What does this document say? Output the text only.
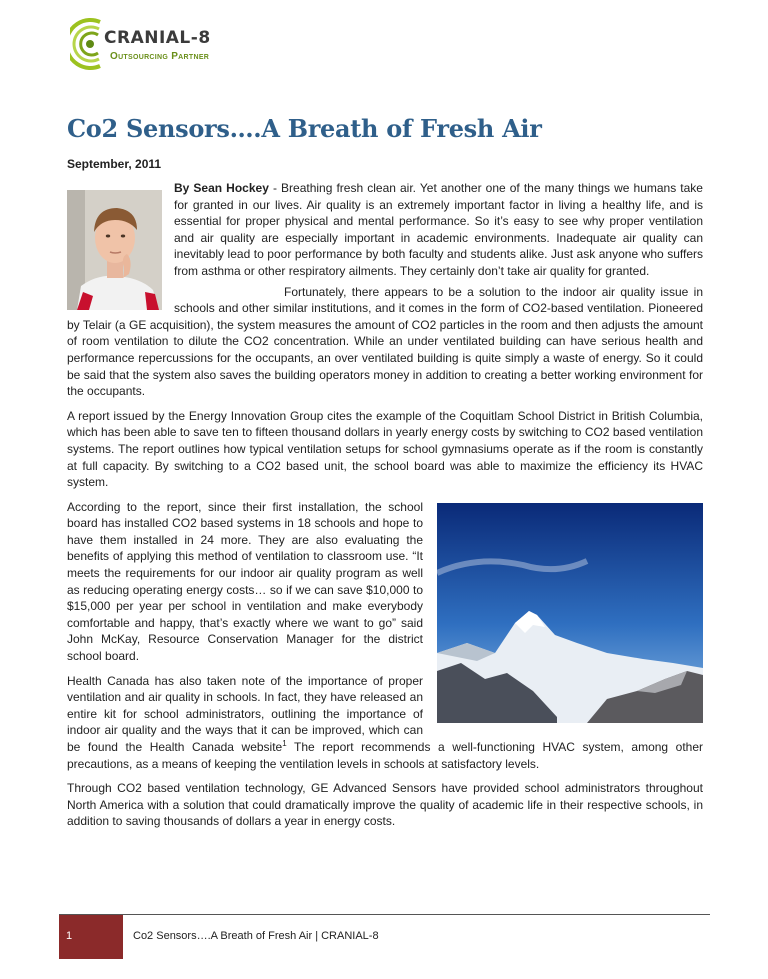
CRANIAL-8
Outsourcing Partner
Co2 Sensors….A Breath of Fresh Air
September, 2011

By Sean Hockey - Breathing fresh clean air. Yet another one of the many things we humans take for granted in our lives. Air quality is an extremely important factor in living a healthy life, and is essential for proper physical and mental performance. So it’s easy to see why proper ventilation and air quality are especially important in academic environments. Inadequate air quality can inevitably lead to poor performance by both faculty and students alike. Just ask anyone who suffers from asthma or other respiratory ailments. They certainly don’t take air quality for granted.

Fortunately, there appears to be a solution to the indoor air quality issue in schools and other similar institutions, and it comes in the form of CO2-based ventilation. Pioneered by Telair (a GE acquisition), the system measures the amount of CO2 particles in the room and then adjusts the amount of room ventilation to dilute the CO2 concentration. While an under ventilated building can have serious health and performance repercussions for the occupants, an over ventilated building is quite simply a waste of energy. So it could be said that the system also saves the building operators money in addition to creating a better working environment for the occupants.

A report issued by the Energy Innovation Group cites the example of the Coquitlam School District in British Columbia, which has been able to save ten to fifteen thousand dollars in yearly energy costs by switching to CO2 based ventilation systems. The report outlines how typical ventilation setups for school gymnasiums operate as if the room is constantly at full capacity. By switching to a CO2 based unit, the school board was able to maximize the efficiency its HVAC system.

According to the report, since their first installation, the school board has installed CO2 based systems in 18 schools and hope to have them installed in 24 more. They are also evaluating the benefits of applying this method of ventilation to classroom use. “It meets the requirements for our indoor air quality program as well as reducing operating energy costs… so if we can save $10,000 to $15,000 per year per school in ventilation and make everybody comfortable and happy, that’s exactly where we want to go” said John McKay, Resource Conservation Manager for the district school board.

Health Canada has also taken note of the importance of proper ventilation and air quality in schools. In fact, they have released an entire kit for school administrators, outlining the importance of indoor air quality and the ways that it can be improved, which can be found the Health Canada website$^1$ The report recommends a well-functioning HVAC system, among other precautions, as a means of keeping the ventilation levels in schools at satisfactory levels.

Through CO2 based ventilation technology, GE Advanced Sensors have provided school administrators throughout North America with a solution that could dramatically improve the quality of academic life in their respective schools, in addition to saving thousands of dollars a year in energy costs.

1	Co2 Sensors….A Breath of Fresh Air | CRANIAL-8
